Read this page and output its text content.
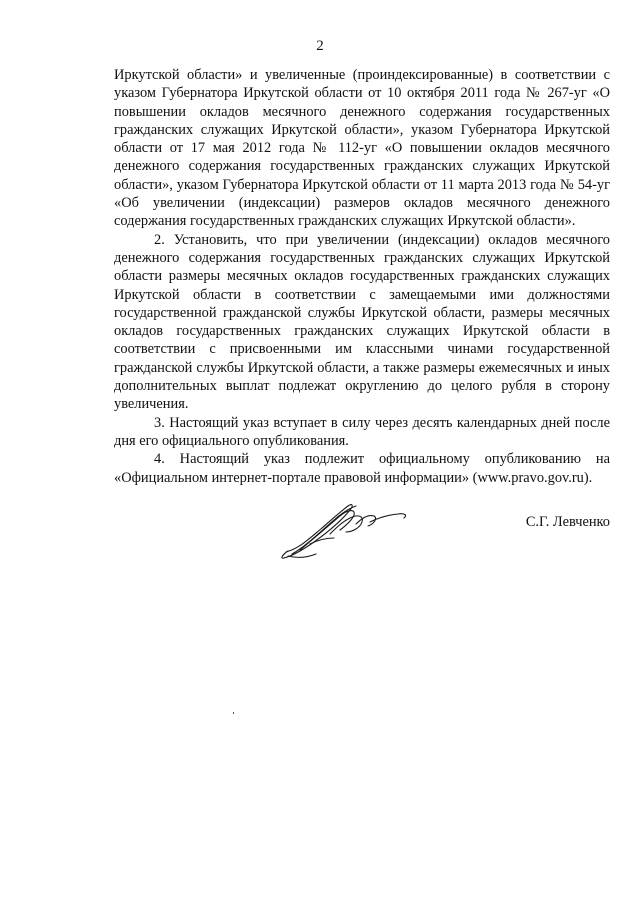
2

Иркутской области» и увеличенные (проиндексированные) в соответствии с указом Губернатора Иркутской области от 10 октября 2011 года № 267-уг «О повышении окладов месячного денежного содержания государственных гражданских служащих Иркутской области», указом Губернатора Иркутской области от 17 мая 2012 года № 112-уг «О повышении окладов месячного денежного содержания государственных гражданских служащих Иркутской области», указом Губернатора Иркутской области от 11 марта 2013 года № 54-уг «Об увеличении (индексации) размеров окладов месячного денежного содержания государственных гражданских служащих Иркутской области».

2. Установить, что при увеличении (индексации) окладов месячного денежного содержания государственных гражданских служащих Иркутской области размеры месячных окладов государственных гражданских служащих Иркутской области в соответствии с замещаемыми ими должностями государственной гражданской службы Иркутской области, размеры месячных окладов государственных гражданских служащих Иркутской области в соответствии с присвоенными им классными чинами государственной гражданской службы Иркутской области, а также размеры ежемесячных и иных дополнительных выплат подлежат округлению до целого рубля в сторону увеличения.

3. Настоящий указ вступает в силу через десять календарных дней после дня его официального опубликования.

4. Настоящий указ подлежит официальному опубликованию на «Официальном интернет-портале правовой информации» (www.pravo.gov.ru).

С.Г. Левченко
